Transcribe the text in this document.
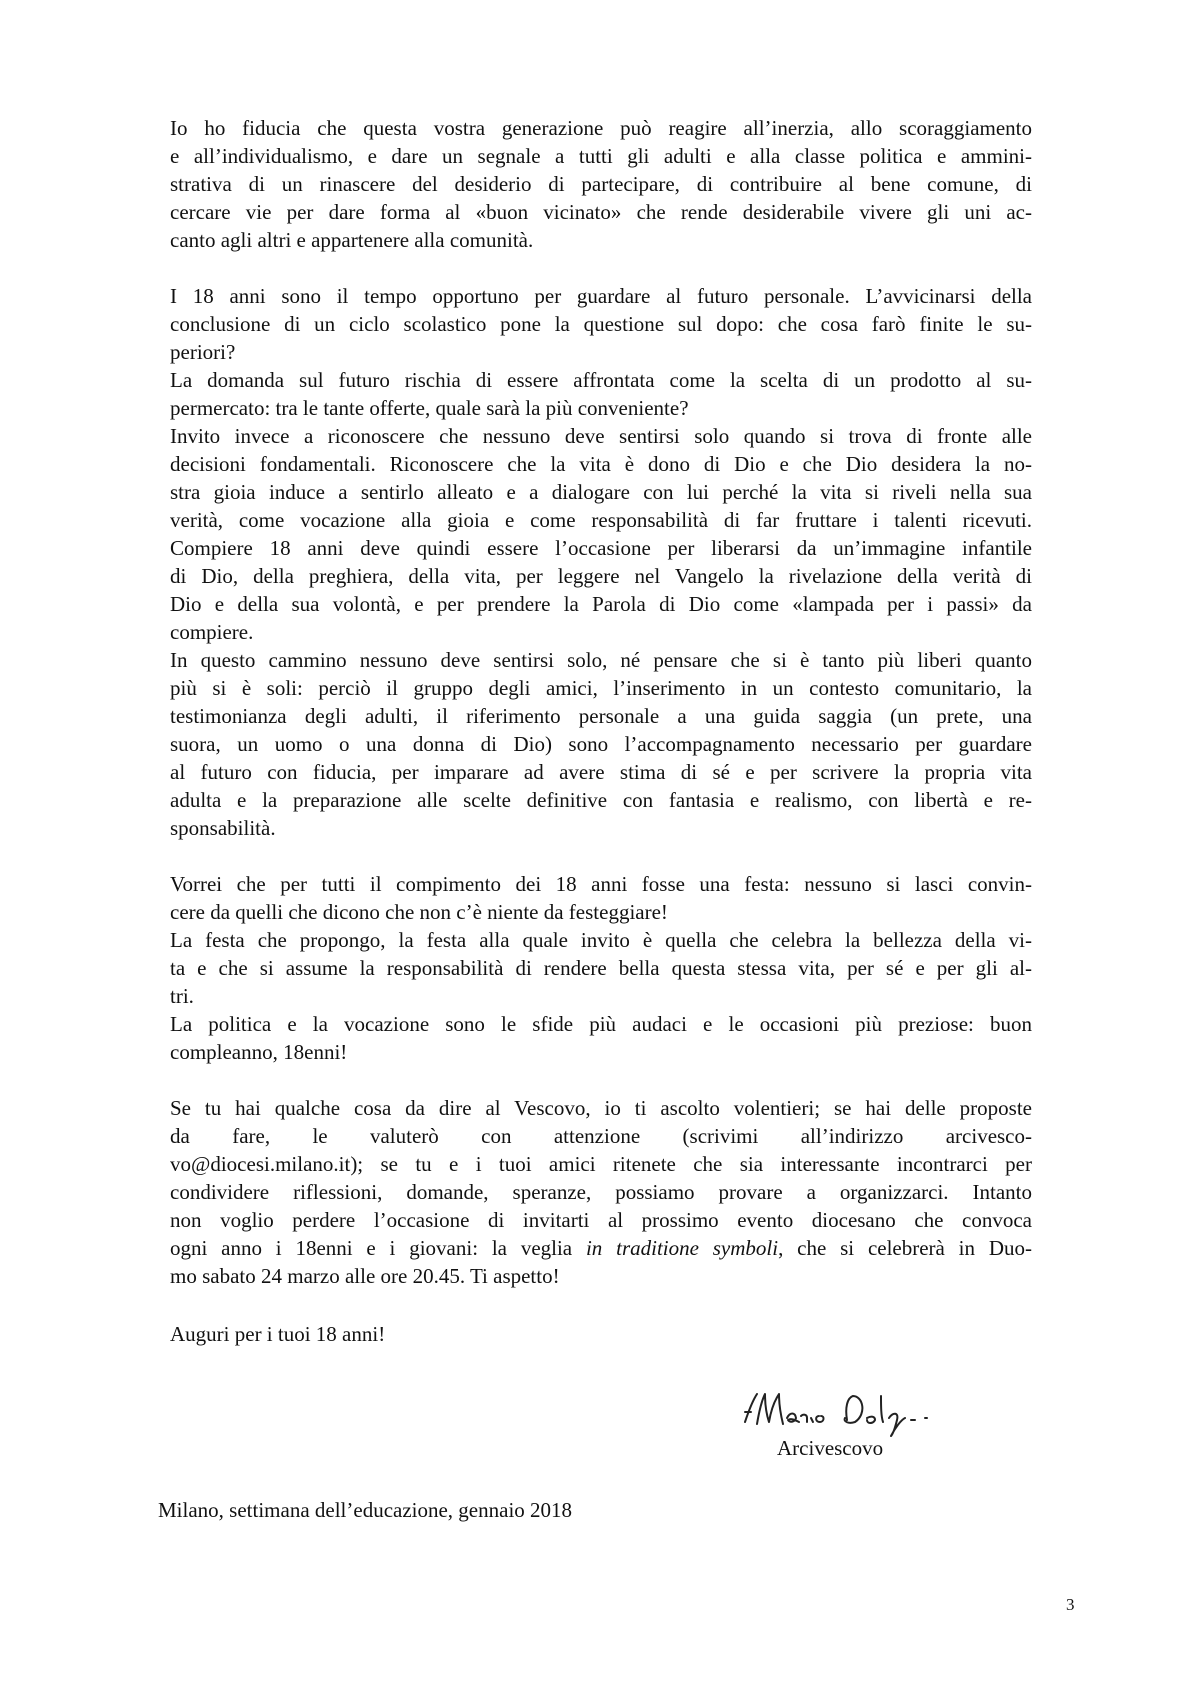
Io ho fiducia che questa vostra generazione può reagire all’inerzia, allo scoraggiamento
e all’individualismo, e dare un segnale a tutti gli adulti e alla classe politica e ammini-
strativa di un rinascere del desiderio di partecipare, di contribuire al bene comune, di
cercare vie per dare forma al «buon vicinato» che rende desiderabile vivere gli uni ac-
canto agli altri e appartenere alla comunità.
I 18 anni sono il tempo opportuno per guardare al futuro personale. L’avvicinarsi della
conclusione di un ciclo scolastico pone la questione sul dopo: che cosa farò finite le su-
periori?
La domanda sul futuro rischia di essere affrontata come la scelta di un prodotto al su-
permercato: tra le tante offerte, quale sarà la più conveniente?
Invito invece a riconoscere che nessuno deve sentirsi solo quando si trova di fronte alle
decisioni fondamentali. Riconoscere che la vita è dono di Dio e che Dio desidera la no-
stra gioia induce a sentirlo alleato e a dialogare con lui perché la vita si riveli nella sua
verità, come vocazione alla gioia e come responsabilità di far fruttare i talenti ricevuti.
Compiere 18 anni deve quindi essere l’occasione per liberarsi da un’immagine infantile
di Dio, della preghiera, della vita, per leggere nel Vangelo la rivelazione della verità di
Dio e della sua volontà, e per prendere la Parola di Dio come «lampada per i passi» da
compiere.
In questo cammino nessuno deve sentirsi solo, né pensare che si è tanto più liberi quanto
più si è soli: perciò il gruppo degli amici, l’inserimento in un contesto comunitario, la
testimonianza degli adulti, il riferimento personale a una guida saggia (un prete, una
suora, un uomo o una donna di Dio) sono l’accompagnamento necessario per guardare
al futuro con fiducia, per imparare ad avere stima di sé e per scrivere la propria vita
adulta e la preparazione alle scelte definitive con fantasia e realismo, con libertà e re-
sponsabilità.
Vorrei che per tutti il compimento dei 18 anni fosse una festa: nessuno si lasci convin-
cere da quelli che dicono che non c’è niente da festeggiare!
La festa che propongo, la festa alla quale invito è quella che celebra la bellezza della vi-
ta e che si assume la responsabilità di rendere bella questa stessa vita, per sé e per gli al-
tri.
La politica e la vocazione sono le sfide più audaci e le occasioni più preziose: buon
compleanno, 18enni!
Se tu hai qualche cosa da dire al Vescovo, io ti ascolto volentieri; se hai delle proposte
da fare, le valuterò con attenzione (scrivimi all’indirizzo arcivesco-
vo@diocesi.milano.it); se tu e i tuoi amici ritenete che sia interessante incontrarci per
condividere riflessioni, domande, speranze, possiamo provare a organizzarci. Intanto
non voglio perdere l’occasione di invitarti al prossimo evento diocesano che convoca
ogni anno i 18enni e i giovani: la veglia in traditione symboli, che si celebrerà in Duo-
mo sabato 24 marzo alle ore 20.45. Ti aspetto!
Auguri per i tuoi 18 anni!
Arcivescovo
Milano, settimana dell’educazione, gennaio 2018
3
